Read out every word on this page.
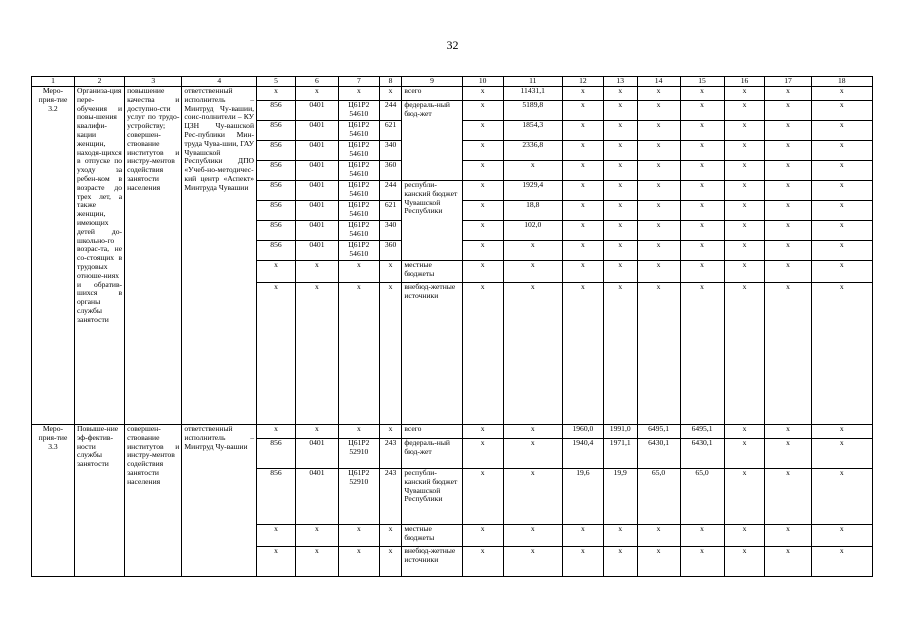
32
1	2	3	4	5	6	7	8	9	10	11	12	13	14	15	16	17	18
Меро-прия-тие 3.2	Организа-ция пере-обучения и повы-шения квалифи-кации женщин, находя-щихся в отпуске по уходу за ребен-ком в возрасте до трех лет, а также женщин, имеющих детей до-школьно-го возрас-та, не со-стоящих в трудовых отноше-ниях и обратив-шихся в органы службы занятости	повышение качества и доступно-сти услуг по трудо-устройству; совершен-ствование институтов и инстру-ментов содействия занятости населения	ответственный исполнитель – Минтруд Чу-вашии, соис-полнители – КУ ЦЗН Чу-вашской Рес-публики Мин-труда Чува-шии, ГАУ Чувашской Республики ДПО «Учеб-но-методичес-кий центр «Аспект» Минтруда Чувашии	x	x	x	x	всего	x	11431,1	x	x	x	x	x	x	x
				856	0401	Ц61Р2 54610	244	федераль-ный бюд-жет	x	5189,8	x	x	x	x	x	x	x
				856	0401	Ц61Р2 54610	621		x	1854,3	x	x	x	x	x	x	x
				856	0401	Ц61Р2 54610	340		x	2336,8	x	x	x	x	x	x	x
				856	0401	Ц61Р2 54610	360		x	x	x	x	x	x	x	x	x
				856	0401	Ц61Р2 54610	244	республи-канский бюджет Чувашской Республики	x	1929,4	x	x	x	x	x	x	x
				856	0401	Ц61Р2 54610	621		x	18,8	x	x	x	x	x	x	x
				856	0401	Ц61Р2 54610	340		x	102,0	x	x	x	x	x	x	x
				856	0401	Ц61Р2 54610	360		x	x	x	x	x	x	x	x	x
				x	x	x	x	местные бюджеты	x	x	x	x	x	x	x	x	x
				x	x	x	x	внебюд-жетные источники	x	x	x	x	x	x	x	x	x
Меро-прия-тие 3.3	Повыше-ние эф-фектив-ности службы занятости	совершен-ствование институтов и инстру-ментов содействия занятости населения	ответственный исполнитель – Минтруд Чу-вашии	x	x	x	x	всего	x	x	1960,0	1991,0	6495,1	6495,1	x	x	x
				856	0401	Ц61Р2 52910	243	федераль-ный бюд-жет	x	x	1940,4	1971,1	6430,1	6430,1	x	x	x
				856	0401	Ц61Р2 52910	243	республи-канский бюджет Чувашской Республики	x	x	19,6	19,9	65,0	65,0	x	x	x
				x	x	x	x	местные бюджеты	x	x	x	x	x	x	x	x	x
				x	x	x	x	внебюд-жетные источники	x	x	x	x	x	x	x	x	x
